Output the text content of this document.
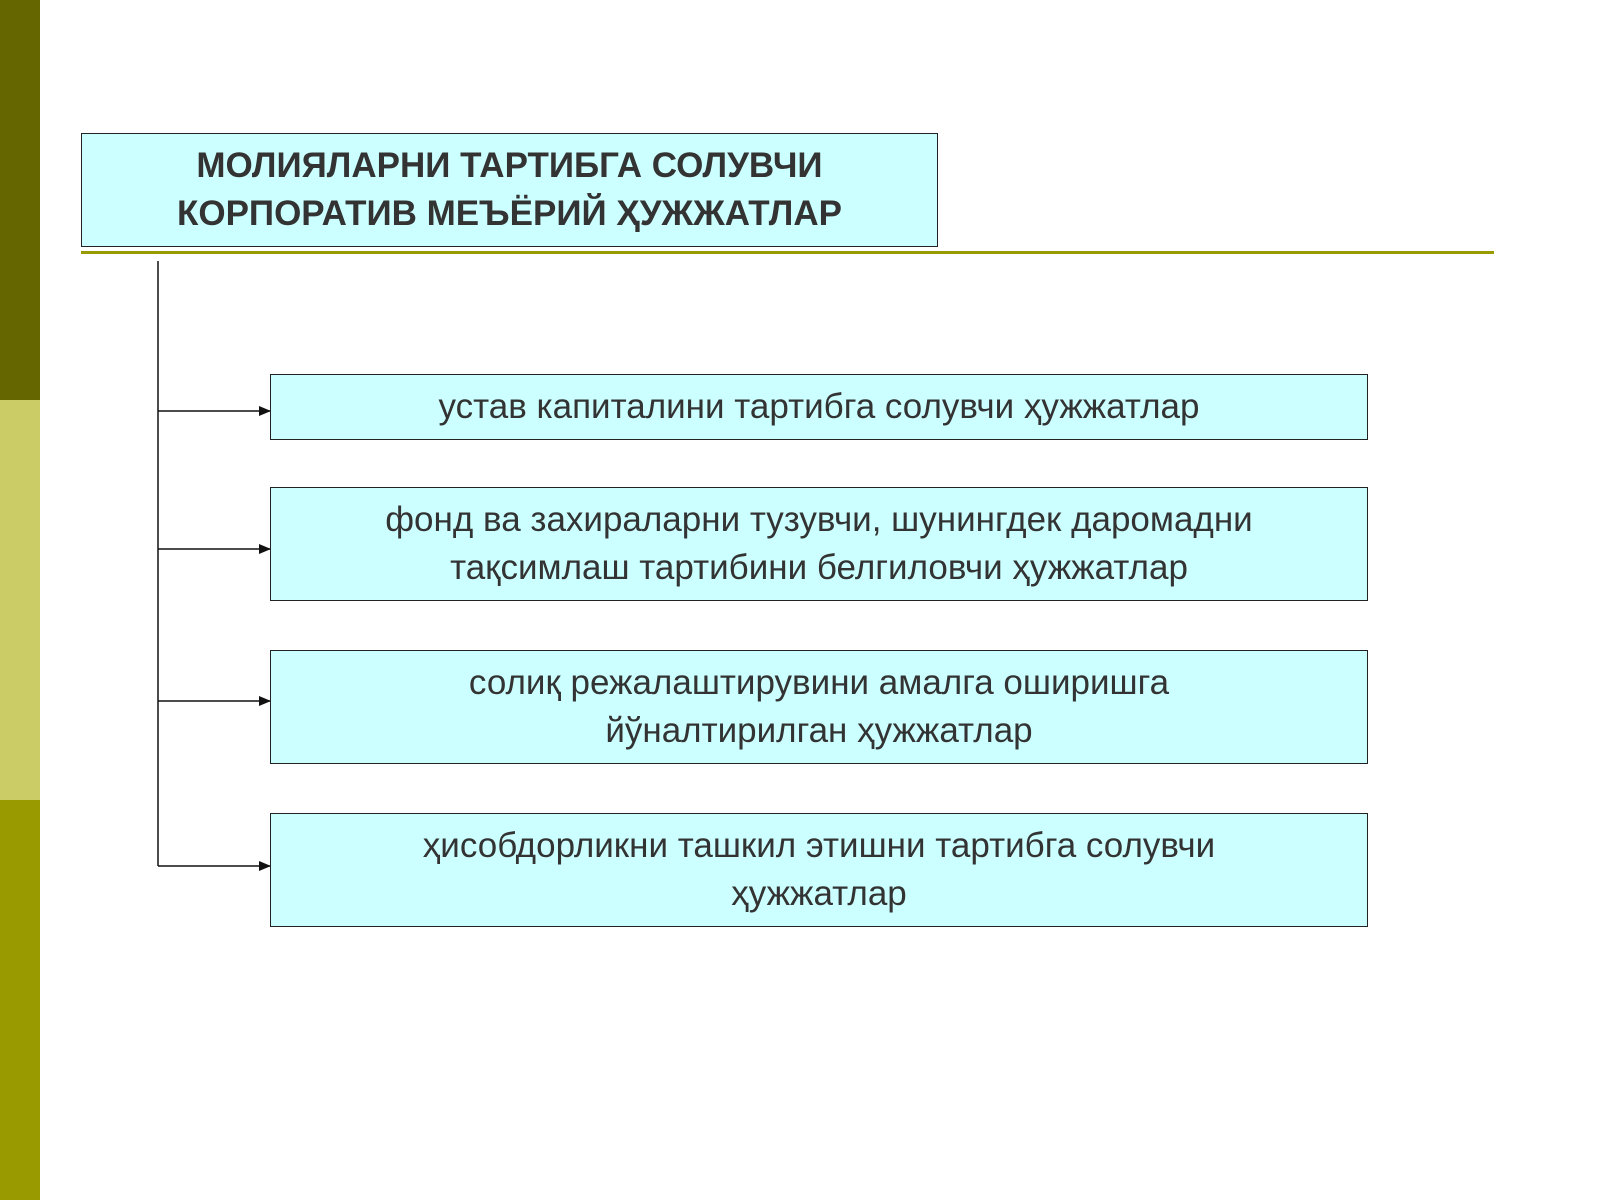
МОЛИЯЛАРНИ ТАРТИБГА СОЛУВЧИ
КОРПОРАТИВ МЕЪЁРИЙ ҲУЖЖАТЛАР
устав капиталини тартибга солувчи ҳужжатлар
фонд ва захираларни тузувчи, шунингдек даромадни
тақсимлаш тартибини белгиловчи ҳужжатлар
солиқ режалаштирувини амалга оширишга
йўналтирилган ҳужжатлар
ҳисобдорликни ташкил этишни тартибга солувчи
ҳужжатлар
